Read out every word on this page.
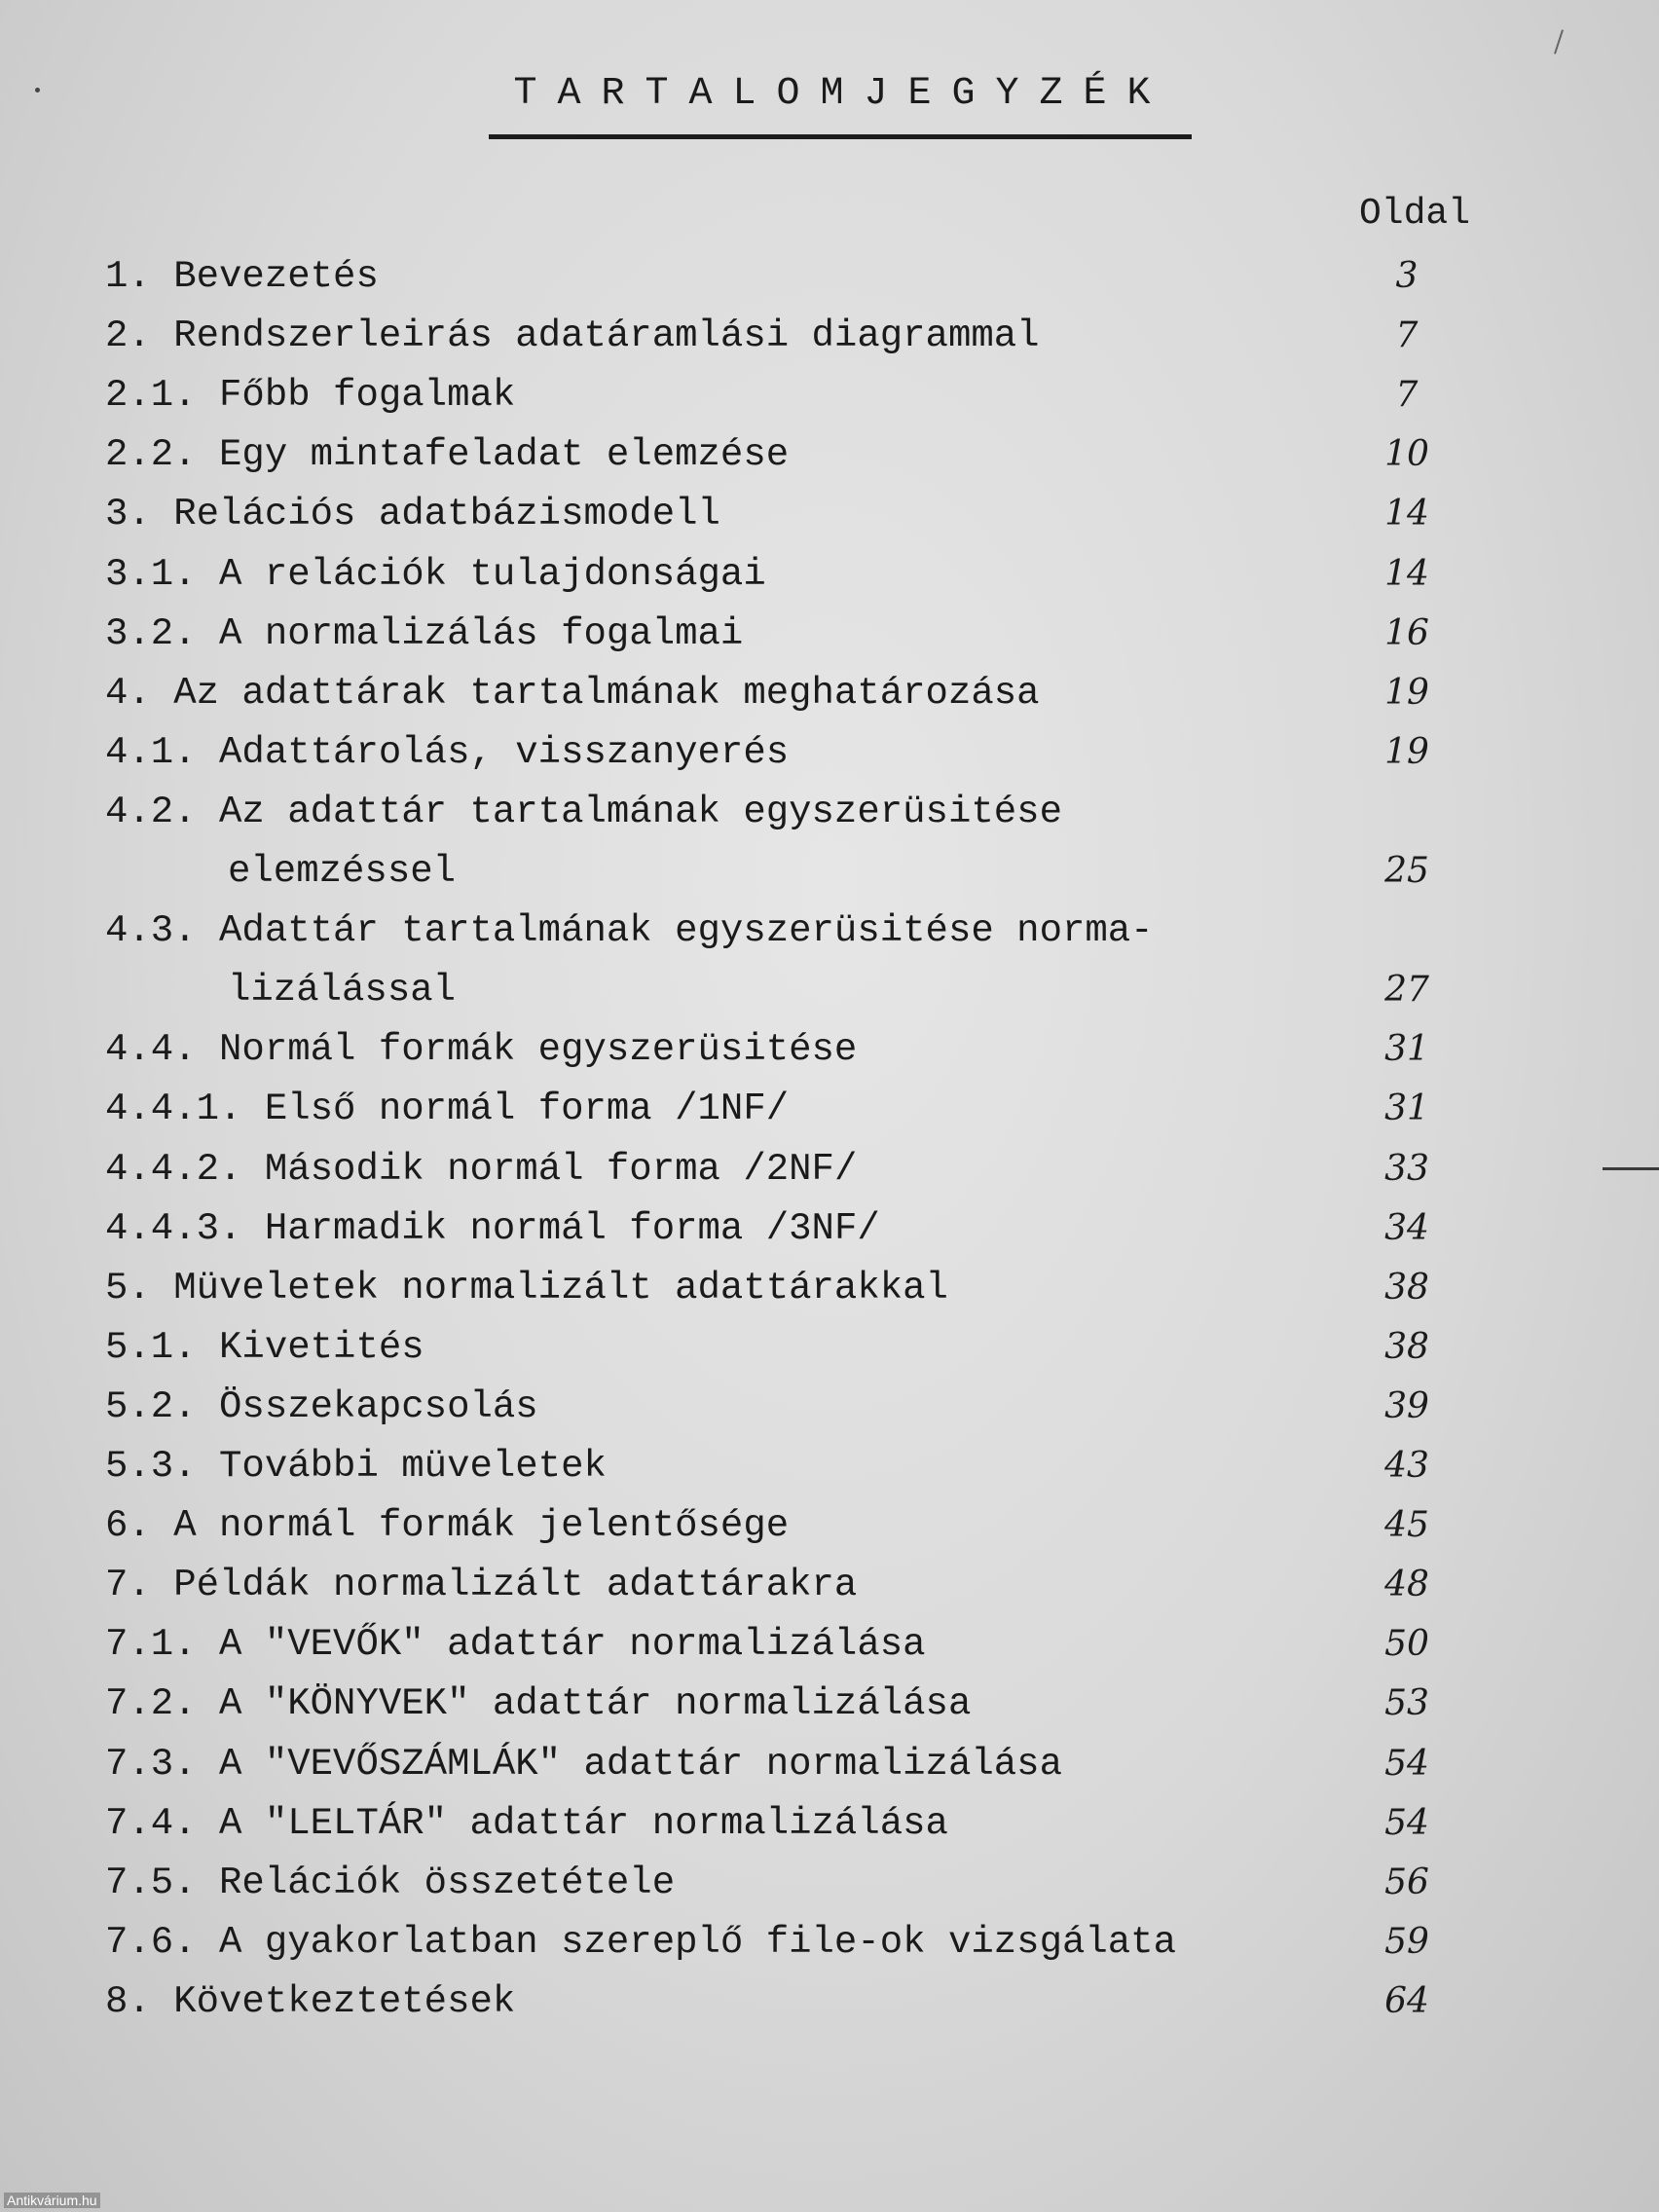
TARTALOMJEGYZÉK
Oldal
1. Bevezetés	3
2. Rendszerleirás adatáramlási diagrammal	7
2.1. Főbb fogalmak	7
2.2. Egy mintafeladat elemzése	10
3. Relációs adatbázismodell	14
3.1. A relációk tulajdonságai	14
3.2. A normalizálás fogalmai	16
4. Az adattárak tartalmának meghatározása	19
4.1. Adattárolás, visszanyerés	19
4.2. Az adattár tartalmának egyszerüsitése
elemzéssel	25
4.3. Adattár tartalmának egyszerüsitése norma-
lizálással	27
4.4. Normál formák egyszerüsitése	31
4.4.1. Első normál forma /1NF/	31
4.4.2. Második normál forma /2NF/	33
4.4.3. Harmadik normál forma /3NF/	34
5. Müveletek normalizált adattárakkal	38
5.1. Kivetités	38
5.2. Összekapcsolás	39
5.3. További müveletek	43
6. A normál formák jelentősége	45
7. Példák normalizált adattárakra	48
7.1. A "VEVŐK" adattár normalizálása	50
7.2. A "KÖNYVEK" adattár normalizálása	53
7.3. A "VEVŐSZÁMLÁK" adattár normalizálása	54
7.4. A "LELTÁR" adattár normalizálása	54
7.5. Relációk összetétele	56
7.6. A gyakorlatban szereplő file-ok vizsgálata	59
8. Következtetések	64
Antikvárium.hu
